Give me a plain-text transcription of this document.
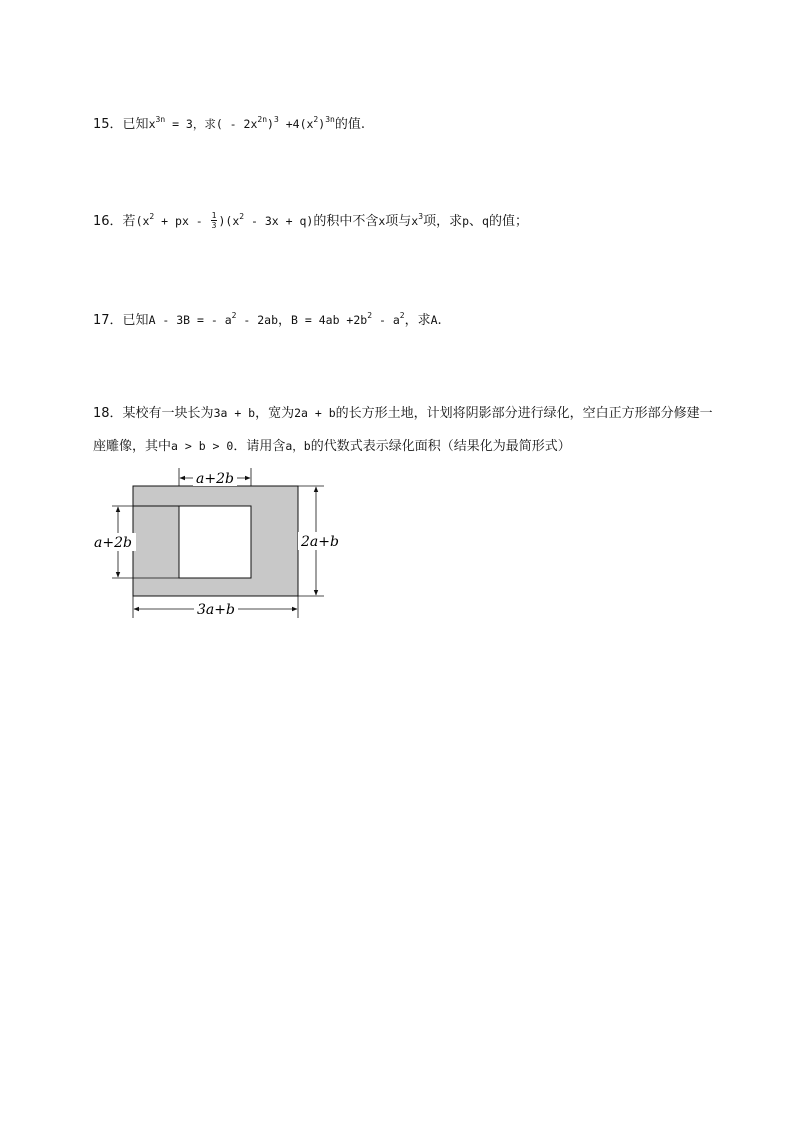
15．已知$x^{3n} = 3$，求( - $2x^{2n})^3 +4(x^2)^{3n}$的值.
16．若($x^2$ + px - $\frac{1}{3} )(x^2 - 3x + q)$的积中不含x项与$x^3$项，求p、q的值；
17．已知A - 3B = - $a^2 - 2ab$，$B = 4ab +2b^2 - a^2$，求A.
18．某校有一块长为3a + b，宽为2a + b的长方形土地，计划将阴影部分进行绿化，空白正方形部分修建一座雕像，其中a > b > 0．请用含a，b的代数式表示绿化面积（结果化为最简形式）
a+2b
a+2b	2a+b
3a+b
